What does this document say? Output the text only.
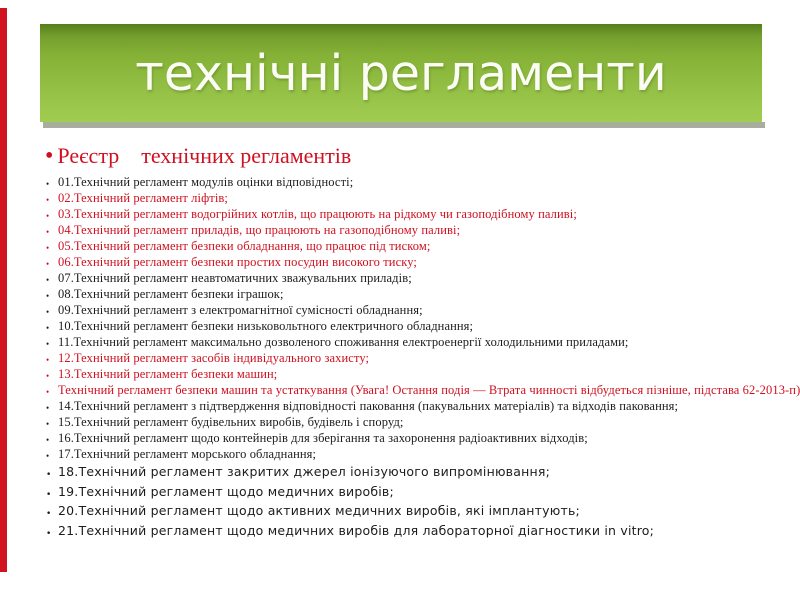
технічні регламенти
• Реєстр    технічних регламентів
• 01.Технічний регламент модулів оцінки відповідності;
• 02.Технічний регламент ліфтів;
• 03.Технічний регламент водогрійних котлів, що працюють на рідкому чи газоподібному паливі;
• 04.Технічний регламент приладів, що працюють на газоподібному паливі;
• 05.Технічний регламент безпеки обладнання, що працює під тиском;
• 06.Технічний регламент безпеки простих посудин високого тиску;
• 07.Технічний регламент неавтоматичних зважувальних приладів;
• 08.Технічний регламент безпеки іграшок;
• 09.Технічний регламент з електромагнітної сумісності обладнання;
• 10.Технічний регламент безпеки низьковольтного електричного обладнання;
• 11.Технічний регламент максимально дозволеного споживання електроенергії холодильними приладами;
• 12.Технічний регламент засобів індивідуального захисту;
• 13.Технічний регламент безпеки машин;
• Технічний регламент безпеки машин та устаткування (Увага! Остання подія — Втрата чинності відбудеться пізніше, підстава 62-2013-п)
• 14.Технічний регламент з підтвердження відповідності паковання (пакувальних матеріалів) та відходів паковання;
• 15.Технічний регламент будівельних виробів, будівель і споруд;
• 16.Технічний регламент щодо контейнерів для зберігання та захоронення радіоактивних відходів;
• 17.Технічний регламент морського обладнання;
• 18.Технічний регламент закритих джерел іонізуючого випромінювання;
• 19.Технічний регламент щодо медичних виробів;
• 20.Технічний регламент щодо активних медичних виробів, які імплантують;
• 21.Технічний регламент щодо медичних виробів для лабораторної діагностики in vitro;
